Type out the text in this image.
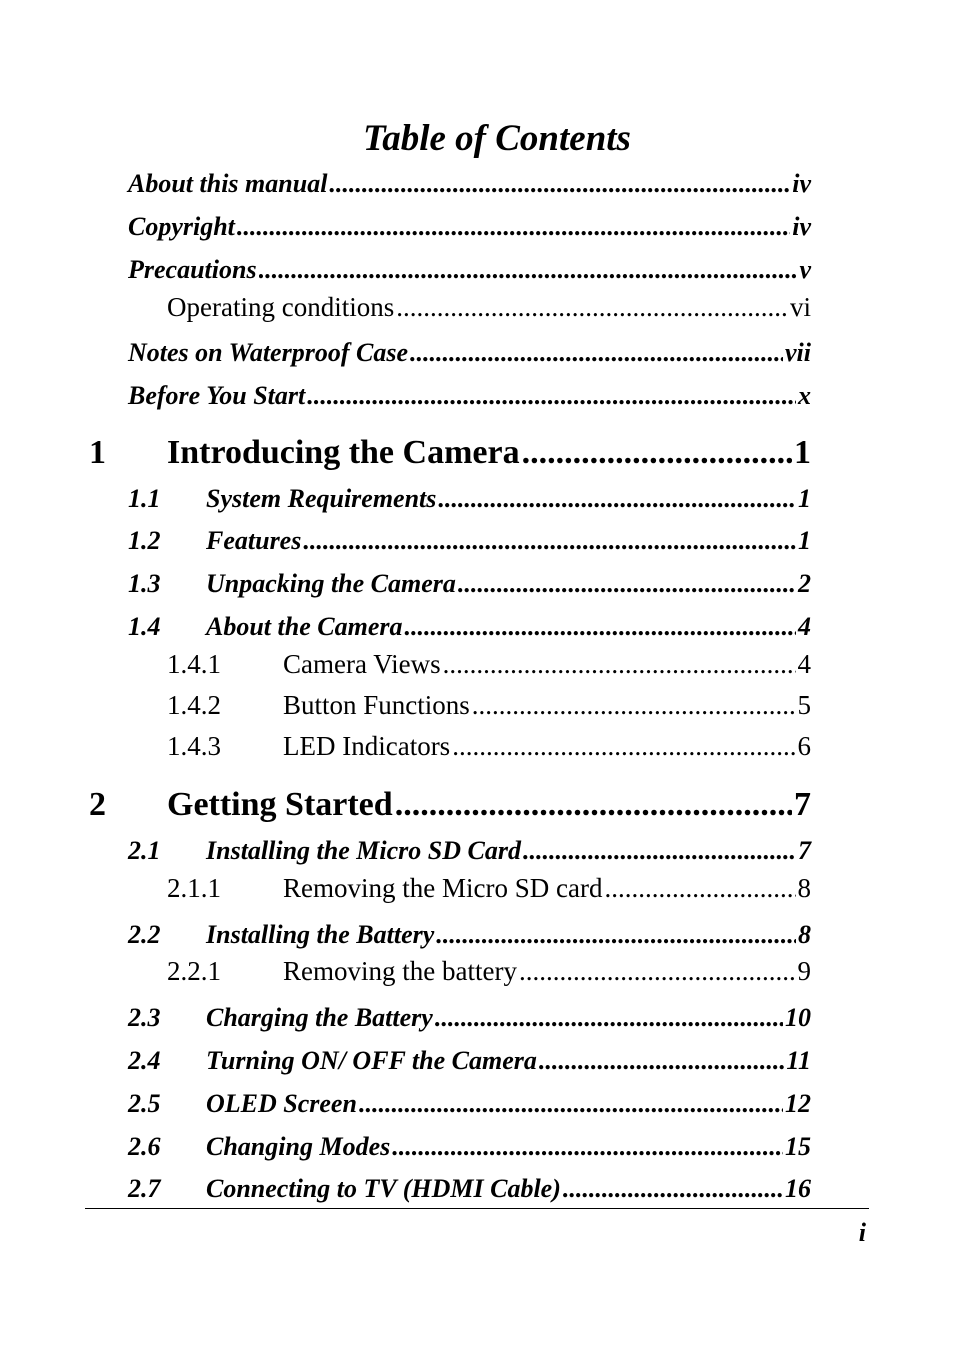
Table of Contents
About this manual .....	iv
Copyright .....	iv
Precautions .....	v
Operating conditions .....	vi
Notes on Waterproof Case .....	vii
Before You Start .....	x
1	Introducing the Camera .....	1
1.1	System Requirements .....	1
1.2	Features .....	1
1.3	Unpacking the Camera .....	2
1.4	About the Camera .....	4
1.4.1	Camera Views .....	4
1.4.2	Button Functions .....	5
1.4.3	LED Indicators .....	6
2	Getting Started .....	7
2.1	Installing the Micro SD Card .....	7
2.1.1	Removing the Micro SD card .....	8
2.2	Installing the Battery .....	8
2.2.1	Removing the battery .....	9
2.3	Charging the Battery .....	10
2.4	Turning ON/ OFF the Camera .....	11
2.5	OLED Screen .....	12
2.6	Changing Modes .....	15
2.7	Connecting to TV (HDMI Cable) .....	16
i
